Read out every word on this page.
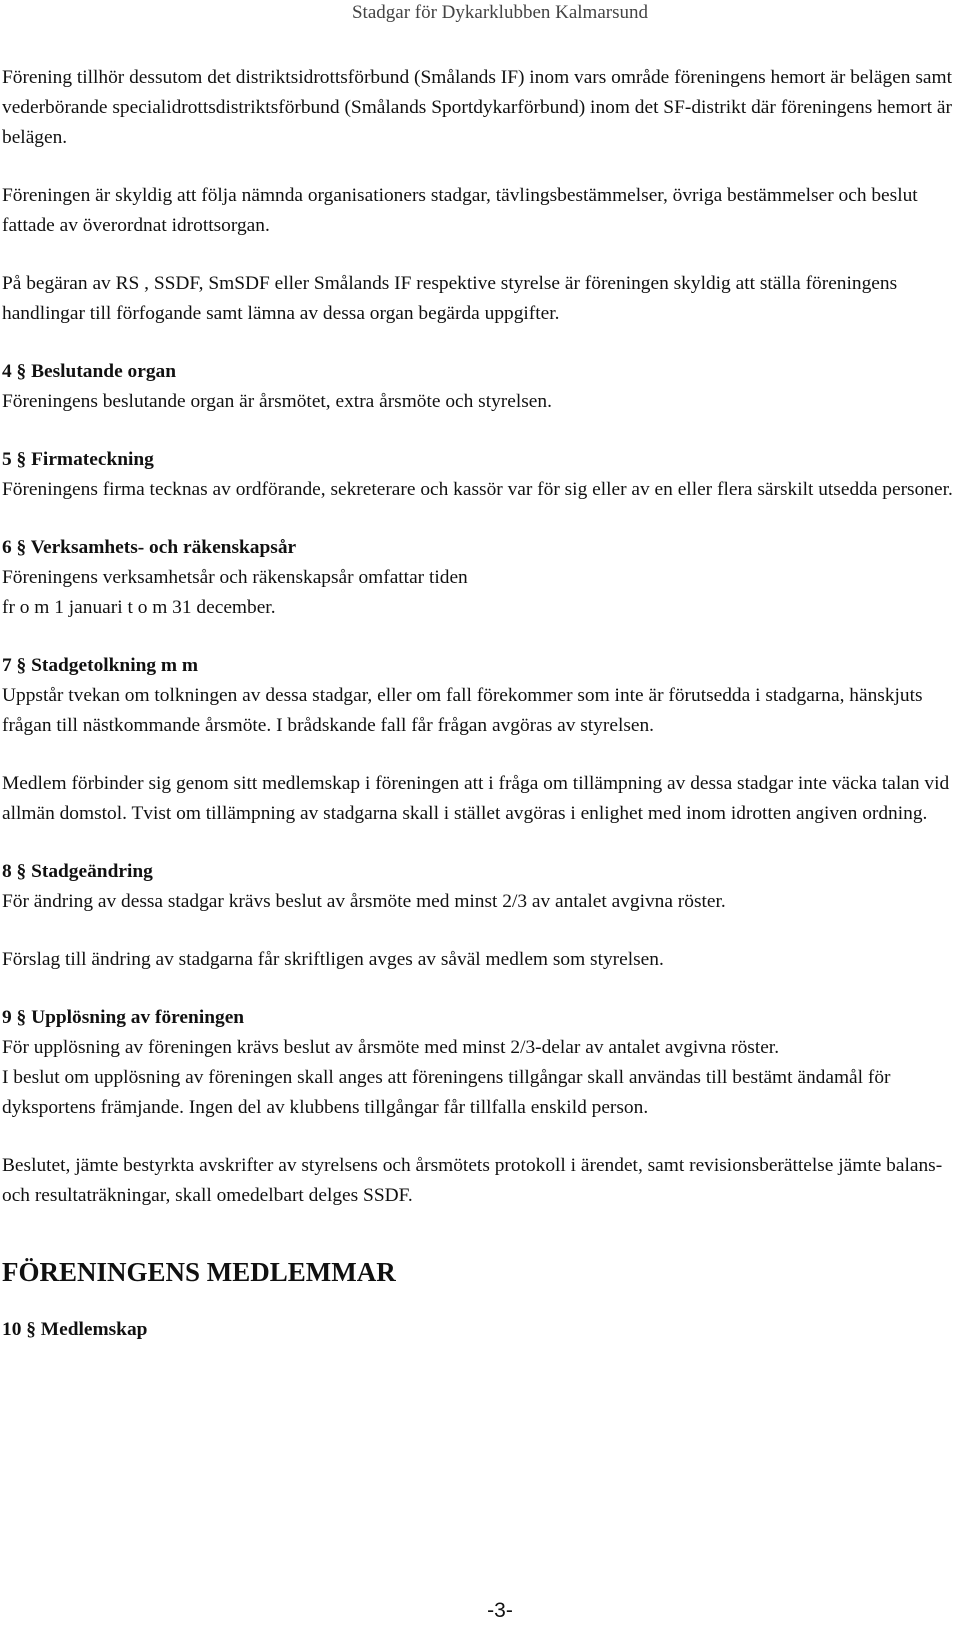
Stadgar för Dykarklubben Kalmarsund

Förening tillhör dessutom det distriktsidrottsförbund (Smålands IF) inom vars område föreningens hemort är belägen samt vederbörande specialidrottsdistriktsförbund (Smålands Sportdykarförbund) inom det SF-distrikt där föreningens hemort är belägen.

Föreningen är skyldig att följa nämnda organisationers stadgar, tävlingsbestämmelser, övriga bestämmelser och beslut fattade av överordnat idrottsorgan.

På begäran av RS , SSDF, SmSDF eller Smålands IF respektive styrelse är föreningen skyldig att ställa föreningens handlingar till förfogande samt lämna av dessa organ begärda uppgifter.

4 § Beslutande organ

Föreningens beslutande organ är årsmötet, extra årsmöte och styrelsen.

5 § Firmateckning

Föreningens firma tecknas av ordförande, sekreterare och kassör var för sig eller av en eller flera särskilt utsedda personer.

6 § Verksamhets- och räkenskapsår

Föreningens verksamhetsår och räkenskapsår omfattar tiden

fr o m 1 januari t o m 31 december.

7 § Stadgetolkning m m

Uppstår tvekan om tolkningen av dessa stadgar, eller om fall förekommer som inte är förutsedda i stadgarna, hänskjuts frågan till nästkommande årsmöte. I brådskande fall får frågan avgöras av styrelsen.

Medlem förbinder sig genom sitt medlemskap i föreningen att i fråga om tillämpning av dessa stadgar inte väcka talan vid allmän domstol. Tvist om tillämpning av stadgarna skall i stället avgöras i enlighet med inom idrotten angiven ordning.

8 § Stadgeändring

För ändring av dessa stadgar krävs beslut av årsmöte med minst 2/3 av antalet avgivna röster.

Förslag till ändring av stadgarna får skriftligen avges av såväl medlem som styrelsen.

9 § Upplösning av föreningen

För upplösning av föreningen krävs beslut av årsmöte med minst 2/3-delar av antalet avgivna röster.

I beslut om upplösning av föreningen skall anges att föreningens tillgångar skall användas till bestämt ändamål för dyksportens främjande. Ingen del av klubbens tillgångar får tillfalla enskild person.

Beslutet, jämte bestyrkta avskrifter av styrelsens och årsmötets protokoll i ärendet, samt revisionsberättelse jämte balans- och resultaträkningar, skall omedelbart delges SSDF.

FÖRENINGENS MEDLEMMAR

10 § Medlemskap

-3-
